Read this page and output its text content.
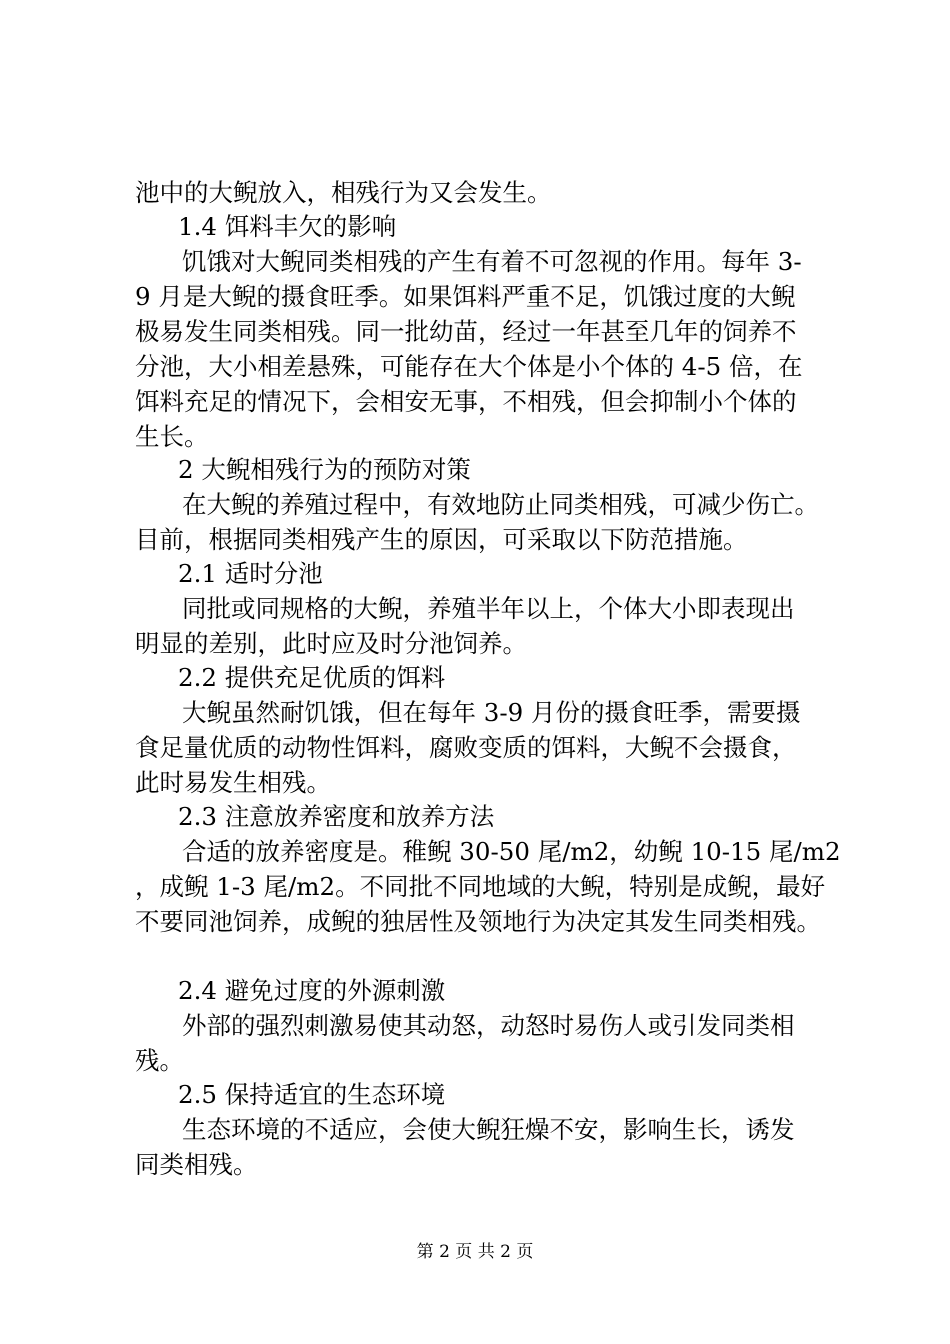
池中的大鲵放入，相残行为又会发生。
1.4 饵料丰欠的影响
饥饿对大鲵同类相残的产生有着不可忽视的作用。每年 3-
9 月是大鲵的摄食旺季。如果饵料严重不足，饥饿过度的大鲵
极易发生同类相残。同一批幼苗，经过一年甚至几年的饲养不
分池，大小相差悬殊，可能存在大个体是小个体的 4-5 倍，在
饵料充足的情况下，会相安无事，不相残，但会抑制小个体的
生长。
2 大鲵相残行为的预防对策
在大鲵的养殖过程中，有效地防止同类相残，可减少伤亡。
目前，根据同类相残产生的原因，可采取以下防范措施。
2.1 适时分池
同批或同规格的大鲵，养殖半年以上，个体大小即表现出
明显的差别，此时应及时分池饲养。
2.2 提供充足优质的饵料
大鲵虽然耐饥饿，但在每年 3-9 月份的摄食旺季，需要摄
食足量优质的动物性饵料，腐败变质的饵料，大鲵不会摄食，
此时易发生相残。
2.3 注意放养密度和放养方法
合适的放养密度是。稚鲵 30-50 尾/m2，幼鲵 10-15 尾/m2
，成鲵 1-3 尾/m2。不同批不同地域的大鲵，特别是成鲵，最好
不要同池饲养，成鲵的独居性及领地行为决定其发生同类相残。
2.4 避免过度的外源刺激
外部的强烈刺激易使其动怒，动怒时易伤人或引发同类相
残。
2.5 保持适宜的生态环境
生态环境的不适应，会使大鲵狂燥不安，影响生长，诱发
同类相残。
第 2 页 共 2 页
